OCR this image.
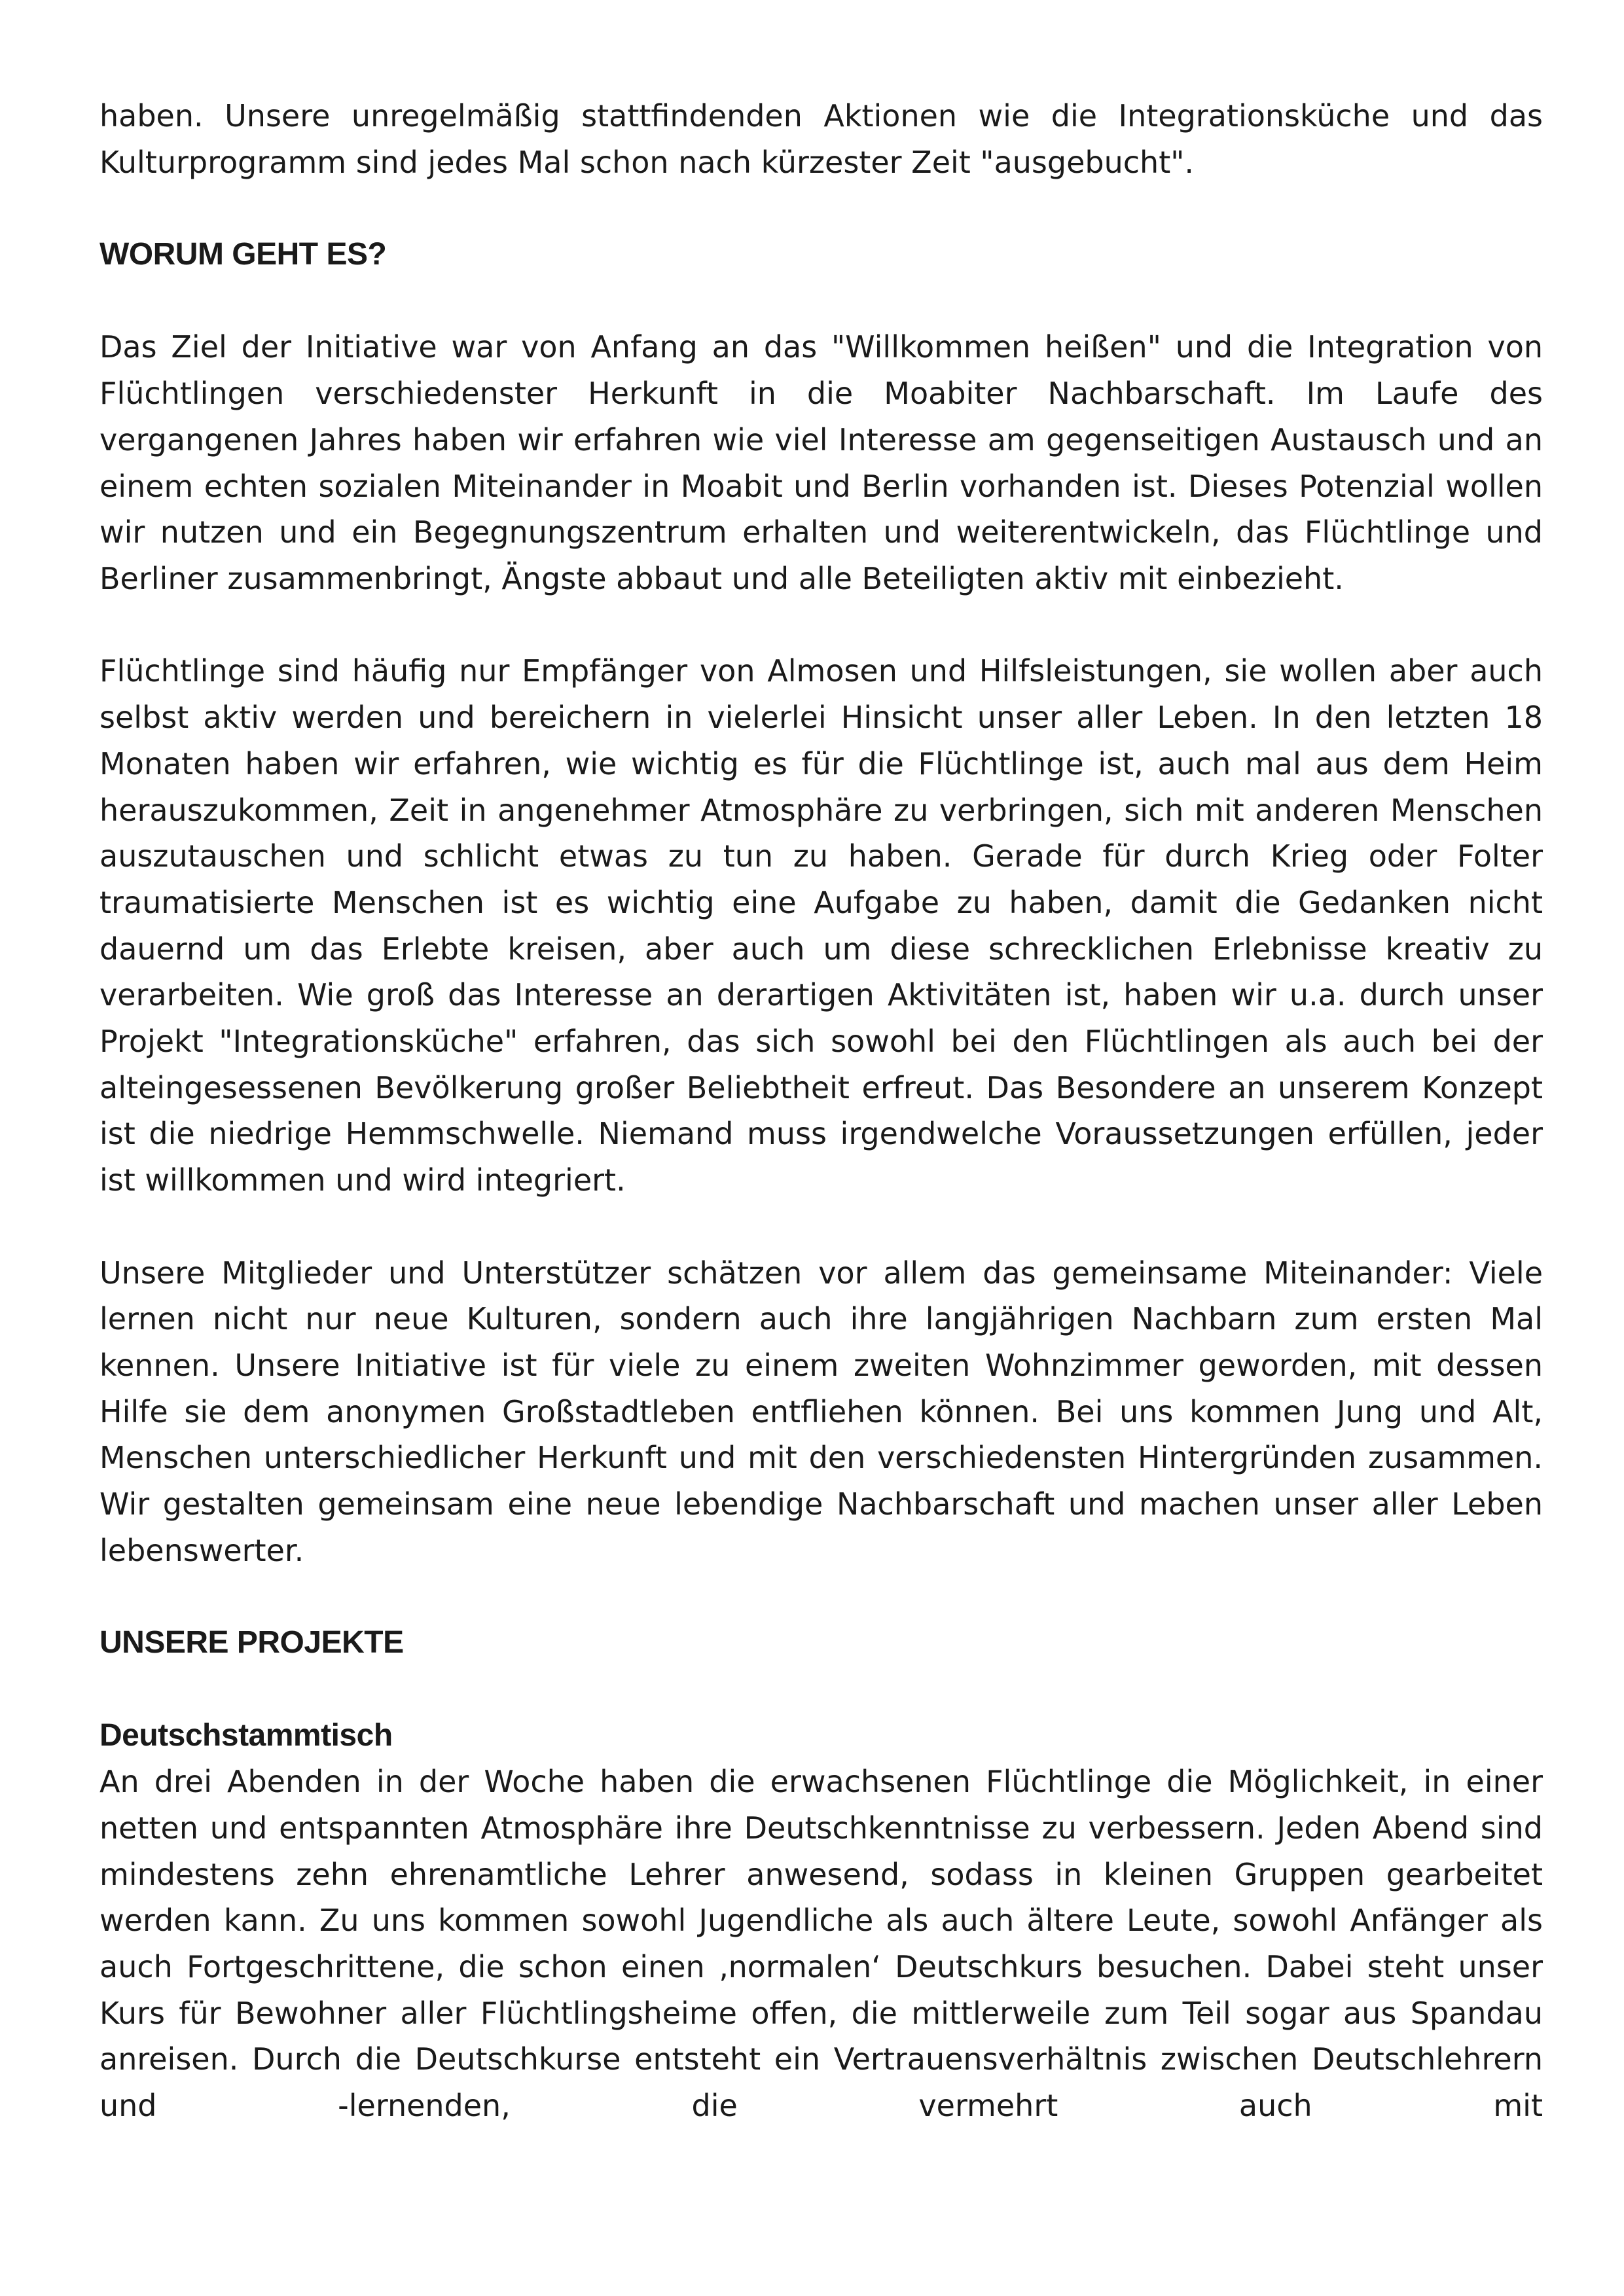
haben. Unsere unregelmäßig stattfindenden Aktionen wie die Integrationsküche und das Kulturprogramm sind jedes Mal schon nach kürzester Zeit "ausgebucht".

WORUM GEHT ES?

Das Ziel der Initiative war von Anfang an das "Willkommen heißen" und die Integration von Flüchtlingen verschiedenster Herkunft in die Moabiter Nachbarschaft. Im Laufe des vergangenen Jahres haben wir erfahren wie viel Interesse am gegenseitigen Austausch und an einem echten sozialen Miteinander in Moabit und Berlin vorhanden ist. Dieses Potenzial wollen wir nutzen und ein Begegnungszentrum erhalten und weiterentwickeln, das Flüchtlinge und Berliner zusammenbringt, Ängste abbaut und alle Beteiligten aktiv mit einbezieht.

Flüchtlinge sind häufig nur Empfänger von Almosen und Hilfsleistungen, sie wollen aber auch selbst aktiv werden und bereichern in vielerlei Hinsicht unser aller Leben. In den letzten 18 Monaten haben wir erfahren, wie wichtig es für die Flüchtlinge ist, auch mal aus dem Heim herauszukommen, Zeit in angenehmer Atmosphäre zu verbringen, sich mit anderen Menschen auszutauschen und schlicht etwas zu tun zu haben. Gerade für durch Krieg oder Folter traumatisierte Menschen ist es wichtig eine Aufgabe zu haben, damit die Gedanken nicht dauernd um das Erlebte kreisen, aber auch um diese schrecklichen Erlebnisse kreativ zu verarbeiten. Wie groß das Interesse an derartigen Aktivitäten ist, haben wir u.a. durch unser Projekt "Integrationsküche" erfahren, das sich sowohl bei den Flüchtlingen als auch bei der alteingesessenen Bevölkerung großer Beliebtheit erfreut. Das Besondere an unserem Konzept ist die niedrige Hemmschwelle. Niemand muss irgendwelche Voraussetzungen erfüllen, jeder ist willkommen und wird integriert.

Unsere Mitglieder und Unterstützer schätzen vor allem das gemeinsame Miteinander: Viele lernen nicht nur neue Kulturen, sondern auch ihre langjährigen Nachbarn zum ersten Mal kennen. Unsere Initiative ist für viele zu einem zweiten Wohnzimmer geworden, mit dessen Hilfe sie dem anonymen Großstadtleben entfliehen können. Bei uns kommen Jung und Alt, Menschen unterschiedlicher Herkunft und mit den verschiedensten Hintergründen zusammen. Wir gestalten gemeinsam eine neue lebendige Nachbarschaft und machen unser aller Leben lebenswerter.

UNSERE PROJEKTE
Deutschstammtisch

An drei Abenden in der Woche haben die erwachsenen Flüchtlinge die Möglichkeit, in einer netten und entspannten Atmosphäre ihre Deutschkenntnisse zu verbessern. Jeden Abend sind mindestens zehn ehrenamtliche Lehrer anwesend, sodass in kleinen Gruppen gearbeitet werden kann. Zu uns kommen sowohl Jugendliche als auch ältere Leute, sowohl Anfänger als auch Fortgeschrittene, die schon einen ‚normalen‘ Deutschkurs besuchen. Dabei steht unser Kurs für Bewohner aller Flüchtlingsheime offen, die mittlerweile zum Teil sogar aus Spandau anreisen. Durch die Deutschkurse entsteht ein Vertrauensverhältnis zwischen Deutschlehrern und -lernenden, die vermehrt auch mit
